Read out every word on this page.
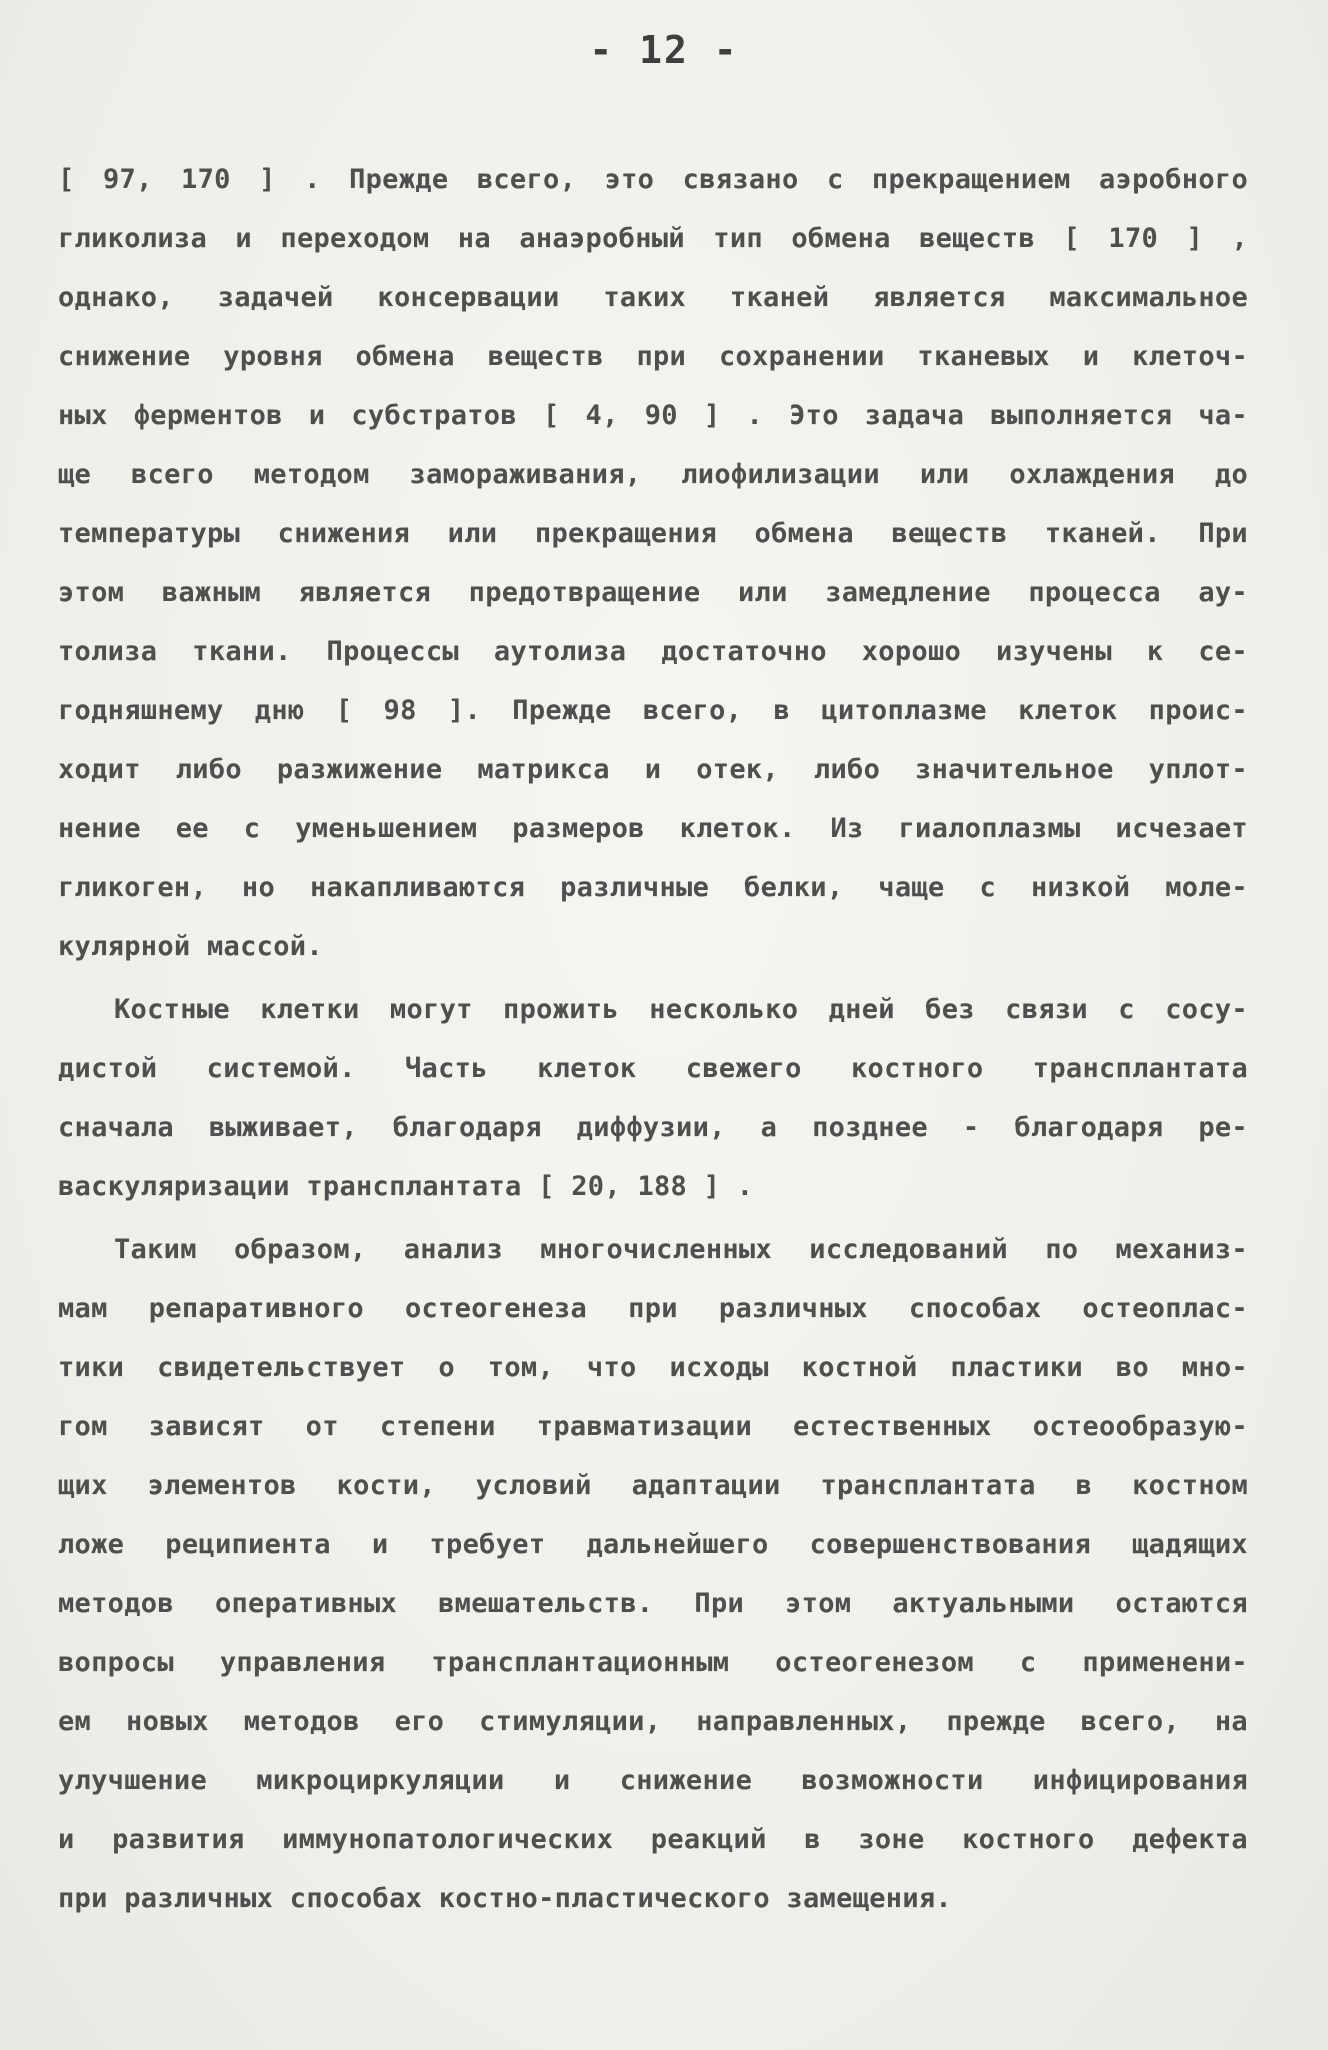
- 12 -
[ 97, 170 ] . Прежде всего, это связано с прекращением аэробного
гликолиза и переходом на анаэробный тип обмена веществ [ 170 ] ,
однако, задачей консервации таких тканей является максимальное
снижение уровня обмена веществ при сохранении тканевых и клеточ-
ных ферментов и субстратов [ 4, 90 ] . Это задача выполняется ча-
ще всего методом замораживания, лиофилизации или охлаждения до
температуры снижения или прекращения обмена веществ тканей. При
этом важным является предотвращение или замедление процесса ау-
толиза ткани. Процессы аутолиза достаточно хорошо изучены к се-
годняшнему дню [ 98 ]. Прежде всего, в цитоплазме клеток проис-
ходит либо разжижение матрикса и отек, либо значительное уплот-
нение ее с уменьшением размеров клеток. Из гиалоплазмы исчезает
гликоген, но накапливаются различные белки, чаще с низкой моле-
кулярной массой.
Костные клетки могут прожить несколько дней без связи с сосу-
дистой системой. Часть клеток свежего костного трансплантата
сначала выживает, благодаря диффузии, а позднее - благодаря ре-
васкуляризации трансплантата [ 20, 188 ] .
Таким образом, анализ многочисленных исследований по механиз-
мам репаративного остеогенеза при различных способах остеоплас-
тики свидетельствует о том, что исходы костной пластики во мно-
гом зависят от степени травматизации естественных остеообразую-
щих элементов кости, условий адаптации трансплантата в костном
ложе реципиента и требует дальнейшего совершенствования щадящих
методов оперативных вмешательств. При этом актуальными остаются
вопросы управления трансплантационным остеогенезом с применени-
ем новых методов его стимуляции, направленных, прежде всего, на
улучшение микроциркуляции и снижение возможности инфицирования
и развития иммунопатологических реакций в зоне костного дефекта
при различных способах костно-пластического замещения.
